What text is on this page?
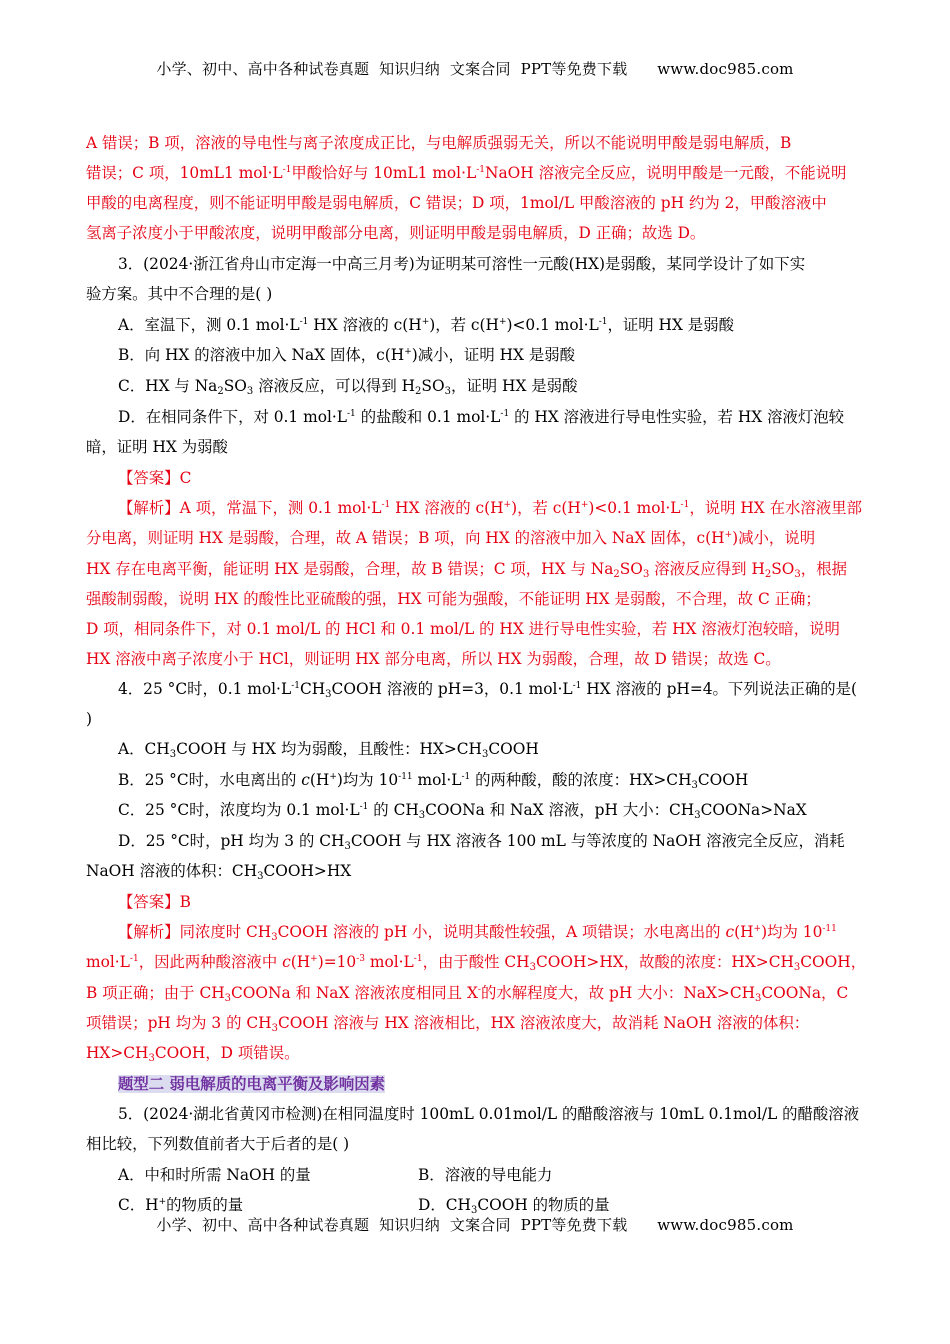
小学、初中、高中各种试卷真题  知识归纳  文案合同  PPT等免费下载      www.doc985.com
A 错误；B 项，溶液的导电性与离子浓度成正比，与电解质强弱无关，所以不能说明甲酸是弱电解质，B
错误；C 项，10mL1 $mol\cdot L^{-1}$甲酸恰好与 10mL1 $mol\cdot L^{-1}NaOH$ 溶液完全反应，说明甲酸是一元酸，不能说明
甲酸的电离程度，则不能证明甲酸是弱电解质，C 错误；D 项，1mol/L 甲酸溶液的 pH 约为 2，甲酸溶液中
氢离子浓度小于甲酸浓度，说明甲酸部分电离，则证明甲酸是弱电解质，D 正确；故选 D。
3．(2024·浙江省舟山市定海一中高三月考)为证明某可溶性一元酸(HX)是弱酸，某同学设计了如下实
验方案。其中不合理的是( )
A．室温下，测 0.1 $mol\cdot L^{-1}$ HX 溶液的 c(H+)，若 c(H+)<0.1 $mol\cdot L^{-1}$，证明 HX 是弱酸
B．向 HX 的溶液中加入 NaX 固体，c(H+)减小，证明 HX 是弱酸
C．HX 与 $Na_2SO_3$ 溶液反应，可以得到 $H_2SO_3$，证明 HX 是弱酸
D．在相同条件下，对 0.1 $mol\cdot L^{-1}$ 的盐酸和 0.1 $mol\cdot L^{-1}$ 的 HX 溶液进行导电性实验，若 HX 溶液灯泡较
暗，证明 HX 为弱酸
【答案】C
【解析】A 项，常温下，测 0.1 $mol\cdot L^{-1}$ HX 溶液的 c(H+)，若 c(H+)<0.1 $mol\cdot L^{-1}$，说明 HX 在水溶液里部
分电离，则证明 HX 是弱酸，合理，故 A 错误；B 项，向 HX 的溶液中加入 NaX 固体，c(H+)减小，说明
HX 存在电离平衡，能证明 HX 是弱酸，合理，故 B 错误；C 项，HX 与 $Na_2SO_3$ 溶液反应得到 $H_2SO_3$，根据
强酸制弱酸，说明 HX 的酸性比亚硫酸的强，HX 可能为强酸，不能证明 HX 是弱酸，不合理，故 C 正确；
D 项，相同条件下，对 0.1 mol/L 的 HCl 和 0.1 mol/L 的 HX 进行导电性实验，若 HX 溶液灯泡较暗，说明
HX 溶液中离子浓度小于 HCl，则证明 HX 部分电离，所以 HX 为弱酸，合理，故 D 错误；故选 C。
4．25 °C时，0.1 $mol\cdot L^{-1}CH_3COOH$ 溶液的 pH=3，0.1 $mol\cdot L^{-1}$ HX 溶液的 pH=4。下列说法正确的是(
)
A．$CH_3COOH$ 与 HX 均为弱酸，且酸性：$HX>CH_3COOH$
B．25 °C时，水电离出的 c(H+)均为 $10^{-11}$ $mol\cdot L^{-1}$ 的两种酸，酸的浓度：$HX>CH_3COOH$
C．25 °C时，浓度均为 0.1 $mol\cdot L^{-1}$ 的 $CH_3COONa$ 和 NaX 溶液，pH 大小：$CH_3COONa>NaX$
D．25 °C时，pH 均为 3 的 $CH_3COOH$ 与 HX 溶液各 100 mL 与等浓度的 NaOH 溶液完全反应，消耗
NaOH 溶液的体积：$CH_3COOH>HX$
【答案】B
【解析】同浓度时 $CH_3COOH$ 溶液的 pH 小，说明其酸性较强，A 项错误；水电离出的 c(H+)均为 $10^{-11}$
$mol\cdot L^{-1}$，因此两种酸溶液中 $c(H^+)=10^{-3}$ $mol\cdot L^{-1}$，由于酸性 $CH_3COOH>HX$，故酸的浓度：$HX>CH_3COOH$，
B 项正确；由于 $CH_3COONa$ 和 NaX 溶液浓度相同且 X-的水解程度大，故 pH 大小：$NaX>CH_3COONa$，C
项错误；pH 均为 3 的 $CH_3COOH$ 溶液与 HX 溶液相比，HX 溶液浓度大，故消耗 NaOH 溶液的体积：
$HX>CH_3COOH$，D 项错误。
题型二 弱电解质的电离平衡及影响因素
5．(2024·湖北省黄冈市检测)在相同温度时 100mL 0.01mol/L 的醋酸溶液与 10mL 0.1mol/L 的醋酸溶液
相比较，下列数值前者大于后者的是( )
A．中和时所需 NaOH 的量	B．溶液的导电能力
C．H+的物质的量	D．$CH_3COOH$ 的物质的量
小学、初中、高中各种试卷真题  知识归纳  文案合同  PPT等免费下载      www.doc985.com
